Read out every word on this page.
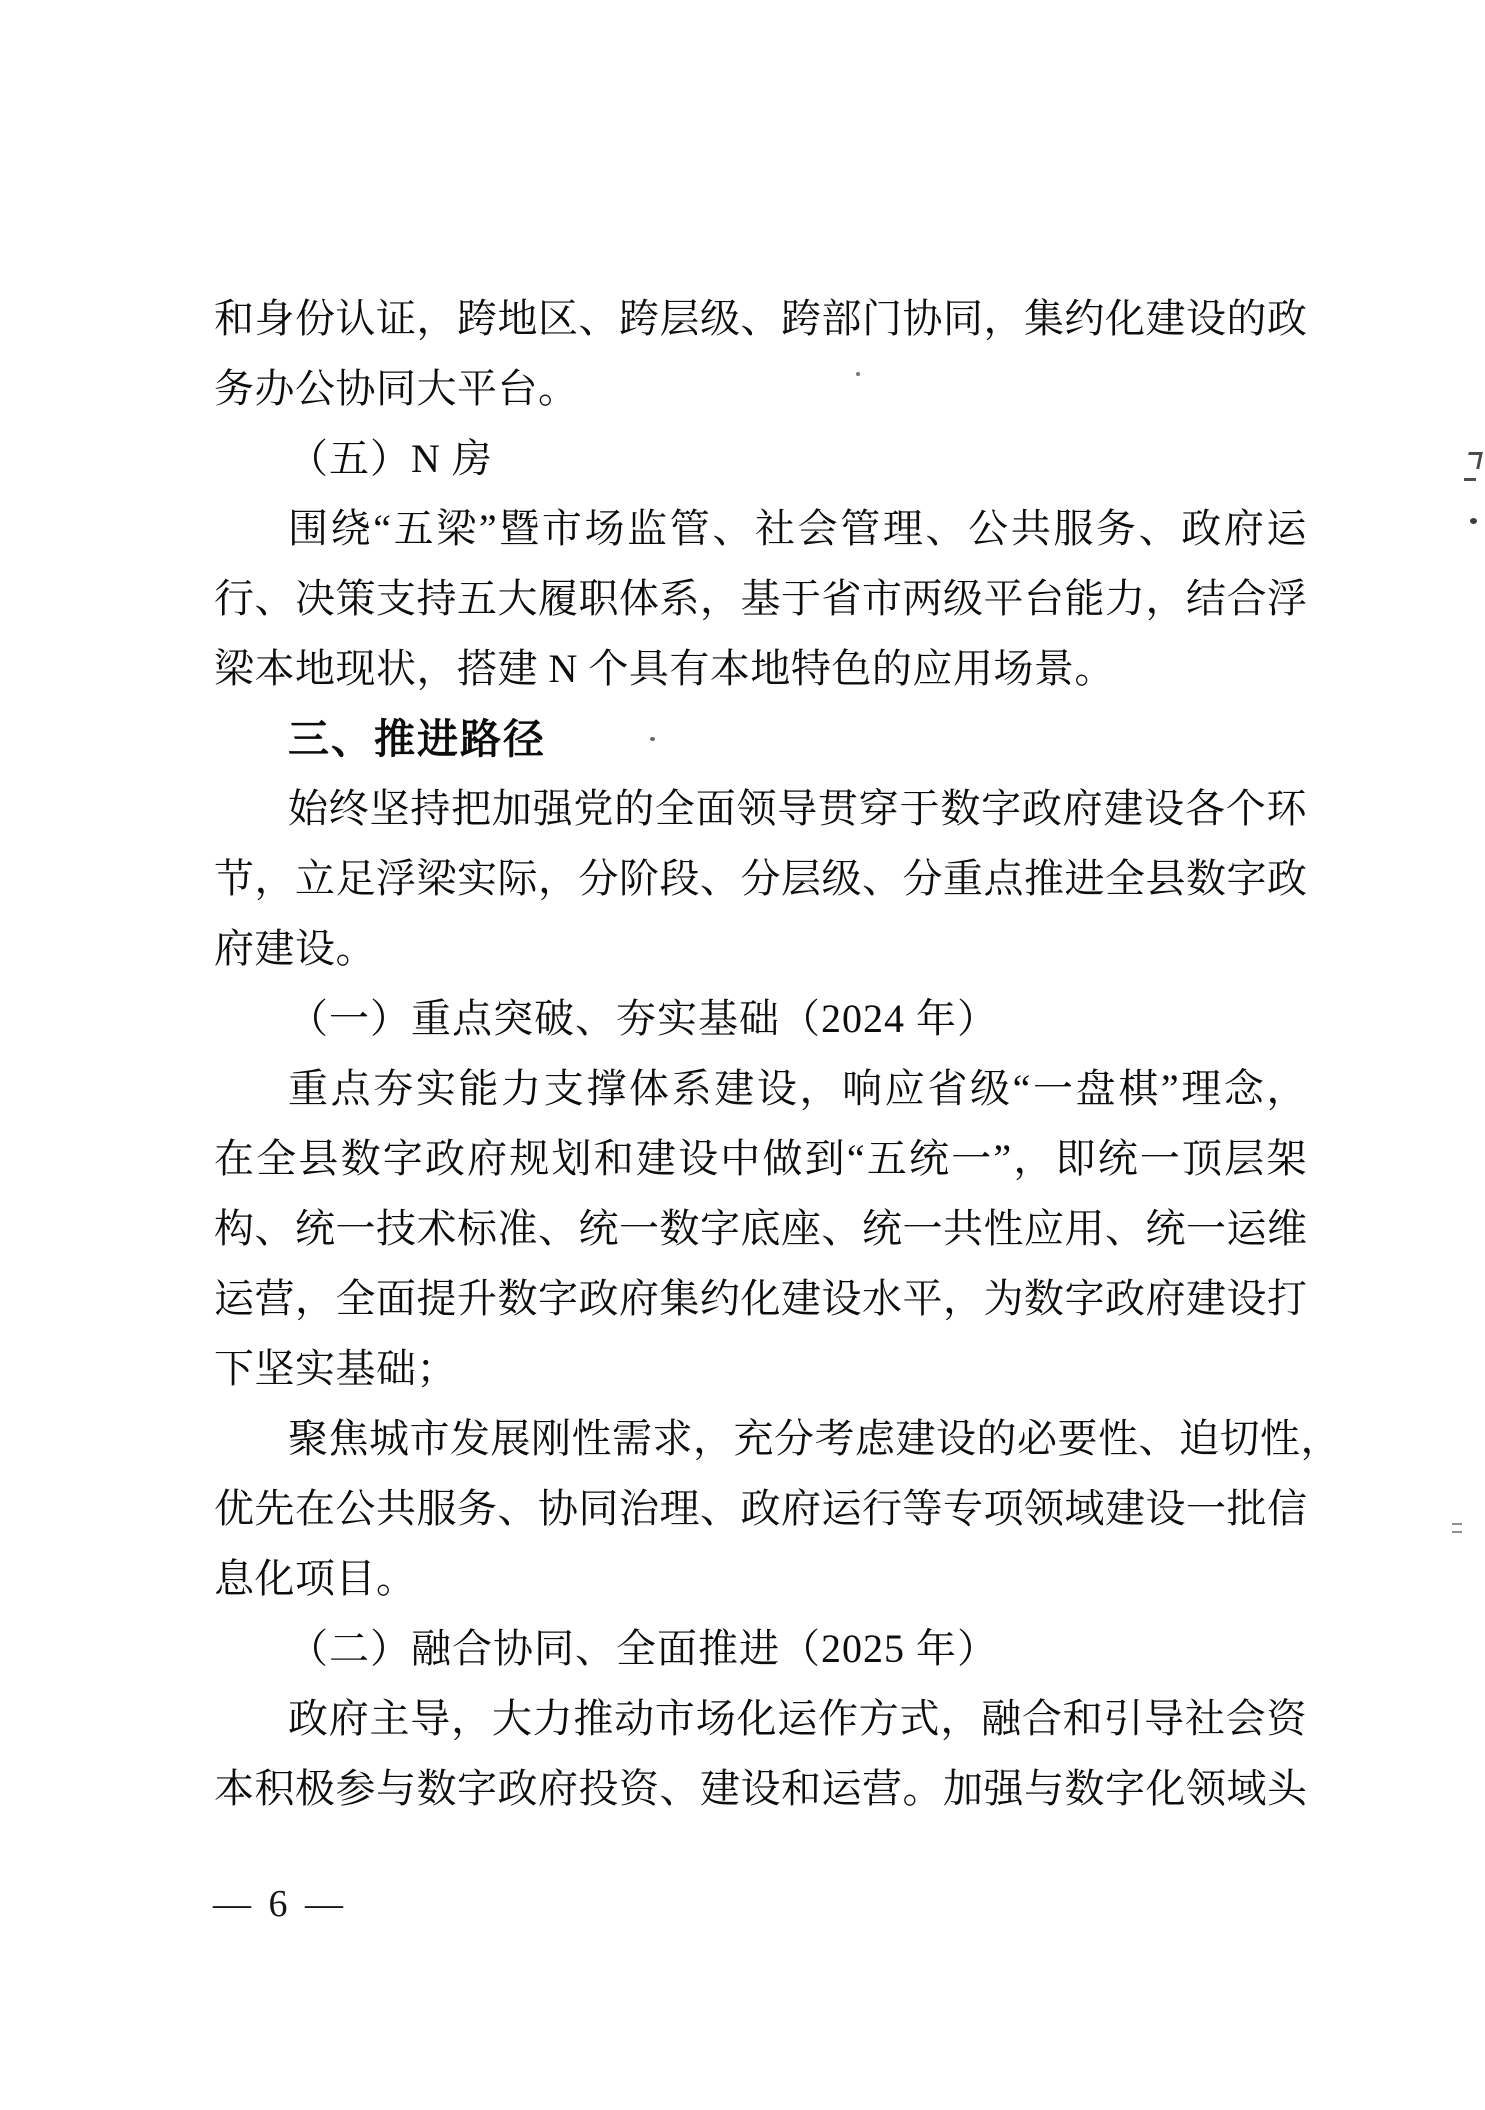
和身份认证，跨地区、跨层级、跨部门协同，集约化建设的政
务办公协同大平台。
（五）N 房
围绕“五梁”暨市场监管、社会管理、公共服务、政府运
行、决策支持五大履职体系，基于省市两级平台能力，结合浮
梁本地现状，搭建 N 个具有本地特色的应用场景。
三、推进路径
始终坚持把加强党的全面领导贯穿于数字政府建设各个环
节，立足浮梁实际，分阶段、分层级、分重点推进全县数字政
府建设。
（一）重点突破、夯实基础（2024 年）
重点夯实能力支撑体系建设，响应省级“一盘棋”理念，
在全县数字政府规划和建设中做到“五统一”，即统一顶层架
构、统一技术标准、统一数字底座、统一共性应用、统一运维
运营，全面提升数字政府集约化建设水平，为数字政府建设打
下坚实基础；
聚焦城市发展刚性需求，充分考虑建设的必要性、迫切性，
优先在公共服务、协同治理、政府运行等专项领域建设一批信
息化项目。
（二）融合协同、全面推进（2025 年）
政府主导，大力推动市场化运作方式，融合和引导社会资
本积极参与数字政府投资、建设和运营。加强与数字化领域头
— 6 —
